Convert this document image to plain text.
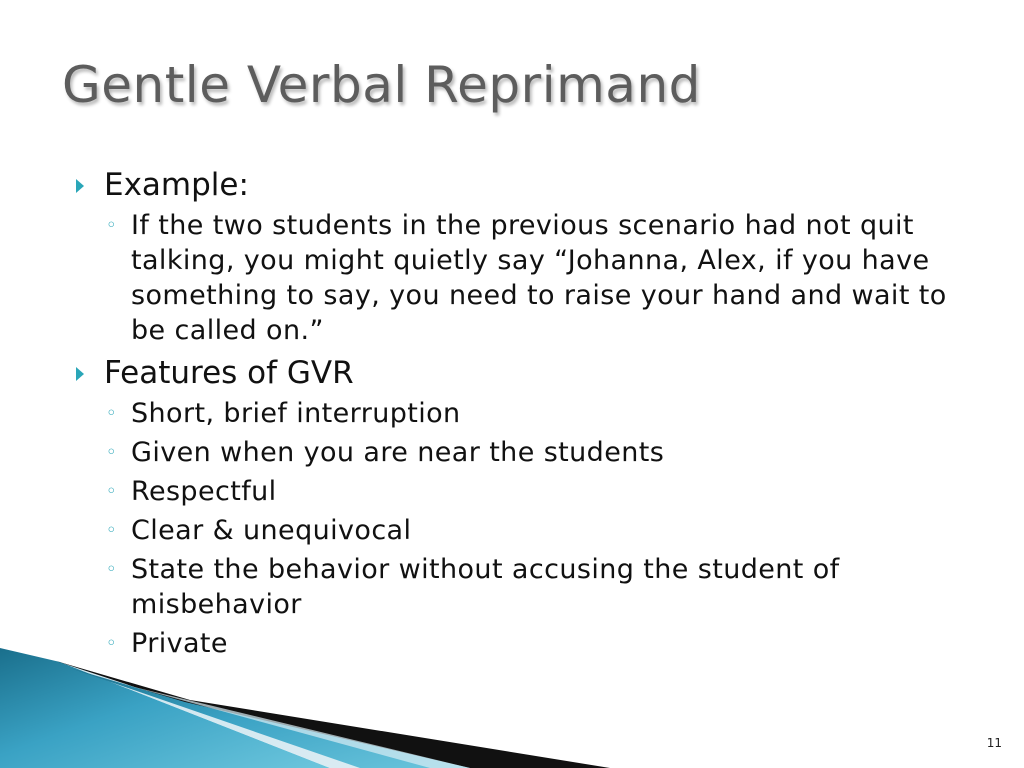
Gentle Verbal Reprimand

Example:

◦ If the two students in the previous scenario had not quit talking, you might quietly say “Johanna, Alex, if you have something to say, you need to raise your hand and wait to be called on.”

Features of GVR

◦ Short, brief interruption

◦ Given when you are near the students

◦ Respectful

◦ Clear & unequivocal

◦ State the behavior without accusing the student of misbehavior

◦ Private

11
